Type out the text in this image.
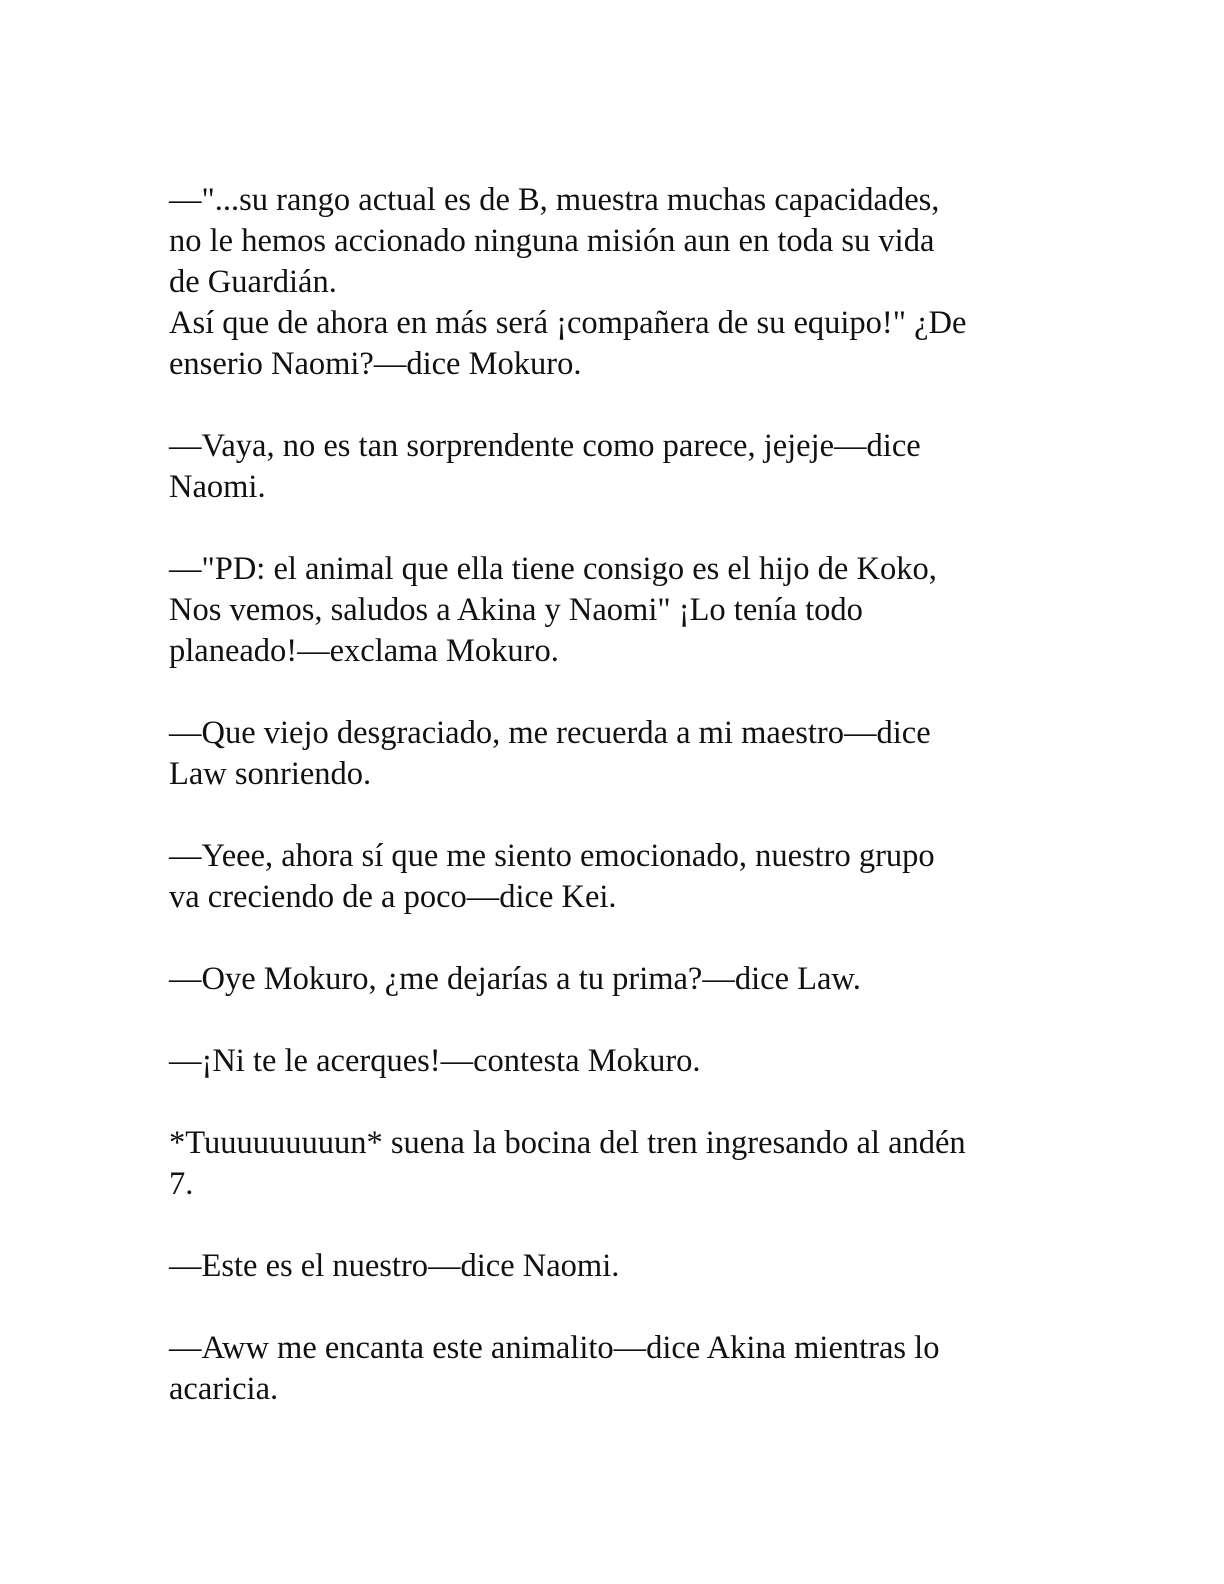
—"...su rango actual es de B, muestra muchas capacidades,
no le hemos accionado ninguna misión aun en toda su vida
de Guardián.

Así que de ahora en más será ¡compañera de su equipo!" ¿De
enserio Naomi?—dice Mokuro.

—Vaya, no es tan sorprendente como parece, jejeje—dice
Naomi.

—"PD: el animal que ella tiene consigo es el hijo de Koko,
Nos vemos, saludos a Akina y Naomi" ¡Lo tenía todo
planeado!—exclama Mokuro.

—Que viejo desgraciado, me recuerda a mi maestro—dice
Law sonriendo.

—Yeee, ahora sí que me siento emocionado, nuestro grupo
va creciendo de a poco—dice Kei.

—Oye Mokuro, ¿me dejarías a tu prima?—dice Law.

—¡Ni te le acerques!—contesta Mokuro.

*Tuuuuuuuuun* suena la bocina del tren ingresando al andén
7.

—Este es el nuestro—dice Naomi.

—Aww me encanta este animalito—dice Akina mientras lo
acaricia.
